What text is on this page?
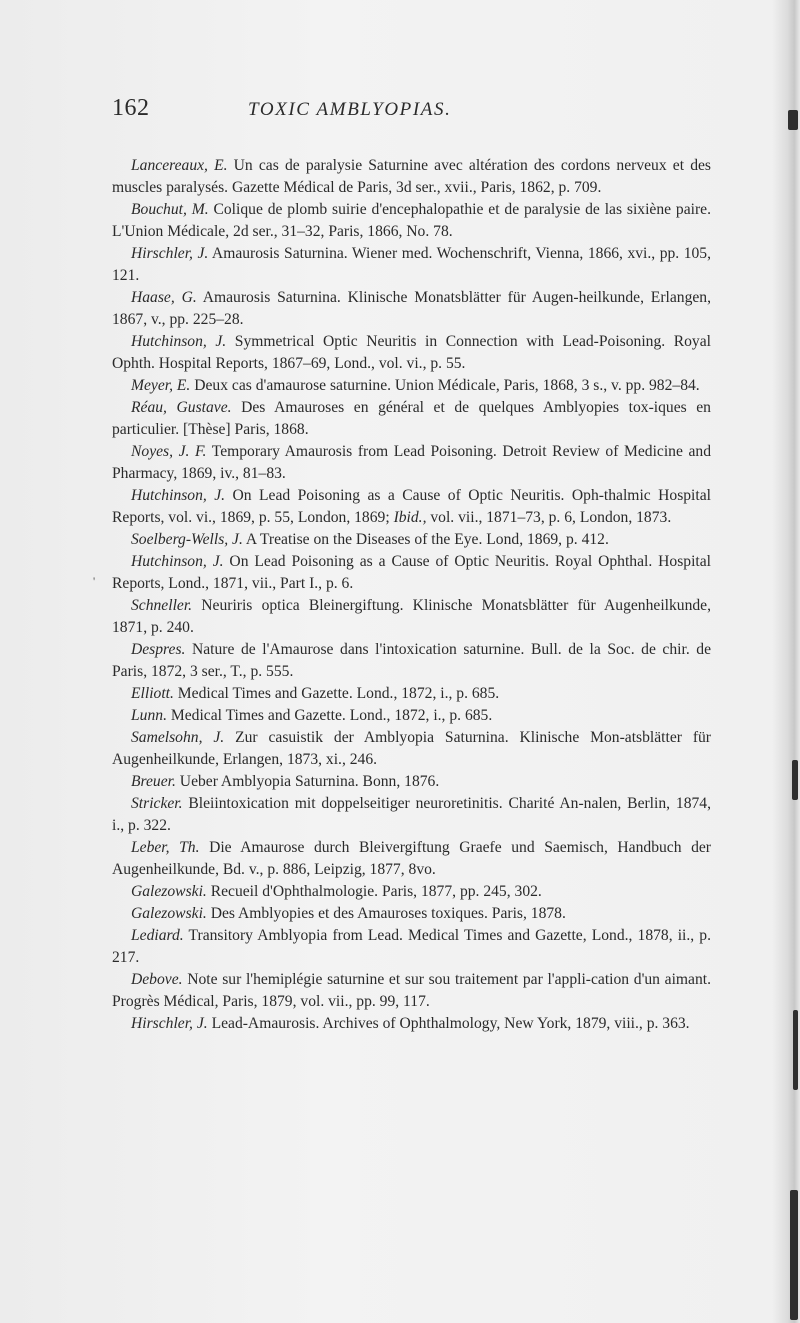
162	TOXIC AMBLYOPIAS.
'

Lancereaux, E. Un cas de paralysie Saturnine avec altération des cordons nerveux et des muscles paralysés. Gazette Médical de Paris, 3d ser., xvii., Paris, 1862, p. 709.

Bouchut, M. Colique de plomb suirie d'encephalopathie et de paralysie de las sixiène paire. L'Union Médicale, 2d ser., 31–32, Paris, 1866, No. 78.

Hirschler, J. Amaurosis Saturnina. Wiener med. Wochenschrift, Vienna, 1866, xvi., pp. 105, 121.

Haase, G. Amaurosis Saturnina. Klinische Monatsblätter für Augen-heilkunde, Erlangen, 1867, v., pp. 225–28.

Hutchinson, J. Symmetrical Optic Neuritis in Connection with Lead-Poisoning. Royal Ophth. Hospital Reports, 1867–69, Lond., vol. vi., p. 55.

Meyer, E. Deux cas d'amaurose saturnine. Union Médicale, Paris, 1868, 3 s., v. pp. 982–84.

Réau, Gustave. Des Amauroses en général et de quelques Amblyopies tox-iques en particulier. [Thèse] Paris, 1868.

Noyes, J. F. Temporary Amaurosis from Lead Poisoning. Detroit Review of Medicine and Pharmacy, 1869, iv., 81–83.

Hutchinson, J. On Lead Poisoning as a Cause of Optic Neuritis. Oph-thalmic Hospital Reports, vol. vi., 1869, p. 55, London, 1869; Ibid., vol. vii., 1871–73, p. 6, London, 1873.

Soelberg-Wells, J. A Treatise on the Diseases of the Eye. Lond, 1869, p. 412.

Hutchinson, J. On Lead Poisoning as a Cause of Optic Neuritis. Royal Ophthal. Hospital Reports, Lond., 1871, vii., Part I., p. 6.

Schneller. Neuriris optica Bleinergiftung. Klinische Monatsblätter für Augenheilkunde, 1871, p. 240.

Despres. Nature de l'Amaurose dans l'intoxication saturnine. Bull. de la Soc. de chir. de Paris, 1872, 3 ser., T., p. 555.

Elliott. Medical Times and Gazette. Lond., 1872, i., p. 685.

Lunn. Medical Times and Gazette. Lond., 1872, i., p. 685.

Samelsohn, J. Zur casuistik der Amblyopia Saturnina. Klinische Mon-atsblätter für Augenheilkunde, Erlangen, 1873, xi., 246.

Breuer. Ueber Amblyopia Saturnina. Bonn, 1876.

Stricker. Bleiintoxication mit doppelseitiger neuroretinitis. Charité An-nalen, Berlin, 1874, i., p. 322.

Leber, Th. Die Amaurose durch Bleivergiftung Graefe und Saemisch, Handbuch der Augenheilkunde, Bd. v., p. 886, Leipzig, 1877, 8vo.

Galezowski. Recueil d'Ophthalmologie. Paris, 1877, pp. 245, 302.

Galezowski. Des Amblyopies et des Amauroses toxiques. Paris, 1878.

Lediard. Transitory Amblyopia from Lead. Medical Times and Gazette, Lond., 1878, ii., p. 217.

Debove. Note sur l'hemiplégie saturnine et sur sou traitement par l'appli-cation d'un aimant. Progrès Médical, Paris, 1879, vol. vii., pp. 99, 117.

Hirschler, J. Lead-Amaurosis. Archives of Ophthalmology, New York, 1879, viii., p. 363.
